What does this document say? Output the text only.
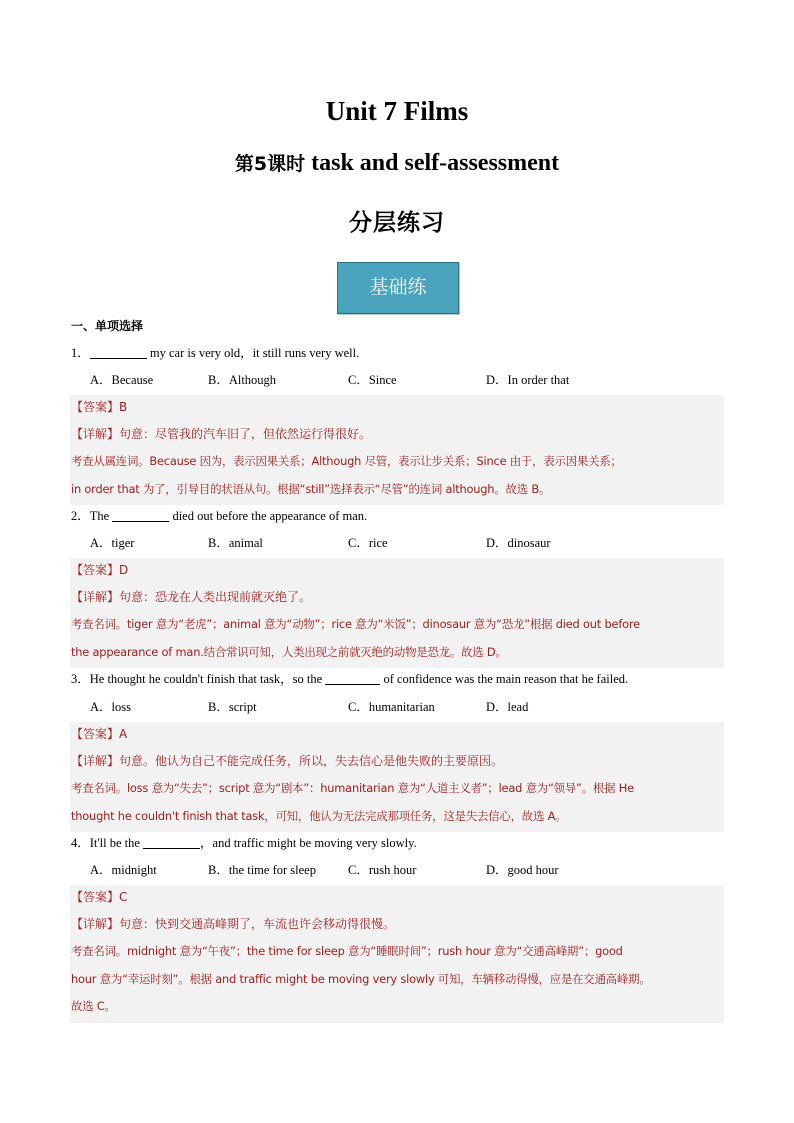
Unit 7 Films
第5课时 task and self-assessment
分层练习
基础练
一、单项选择
1．	my car is very old，it still runs very well.
A．Because	B．Although	C．Since	D．In order that
【答案】B
【详解】句意：尽管我的汽车旧了，但依然运行得很好。
考查从属连词。Because 因为，表示因果关系；Although 尽管，表示让步关系；Since 由于，表示因果关系；
in order that 为了，引导目的状语从句。根据“still”选择表示“尽管”的连词 although。故选 B。
2．The	died out before the appearance of man.
A．tiger	B．animal	C．rice	D．dinosaur
【答案】D
【详解】句意：恐龙在人类出现前就灭绝了。
考查名词。tiger 意为“老虎”；animal 意为“动物”；rice 意为“米饭”；dinosaur 意为“恐龙”根据 died out before
the appearance of man.结合常识可知，人类出现之前就灭绝的动物是恐龙。故选 D。
3．He thought he couldn't finish that task，so the	of confidence was the main reason that he failed.
A．loss	B．script	C．humanitarian	D．lead
【答案】A
【详解】句意。他认为自己不能完成任务，所以，失去信心是他失败的主要原因。
考查名词。loss 意为“失去”；script 意为“剧本”：humanitarian 意为“人道主义者”；lead 意为“领导”。根据 He
thought he couldn't finish that task，可知，他认为无法完成那项任务，这是失去信心，故选 A。
4．It'll be the	，and traffic might be moving very slowly.
A．midnight	B．the time for sleep	C．rush hour	D．good hour
【答案】C
【详解】句意：快到交通高峰期了，车流也许会移动得很慢。
考查名词。midnight 意为“午夜”；the time for sleep 意为“睡眠时间”；rush hour 意为“交通高峰期”；good
hour 意为“幸运时刻”。根据 and traffic might be moving very slowly 可知，车辆移动得慢，应是在交通高峰期。
故选 C。
